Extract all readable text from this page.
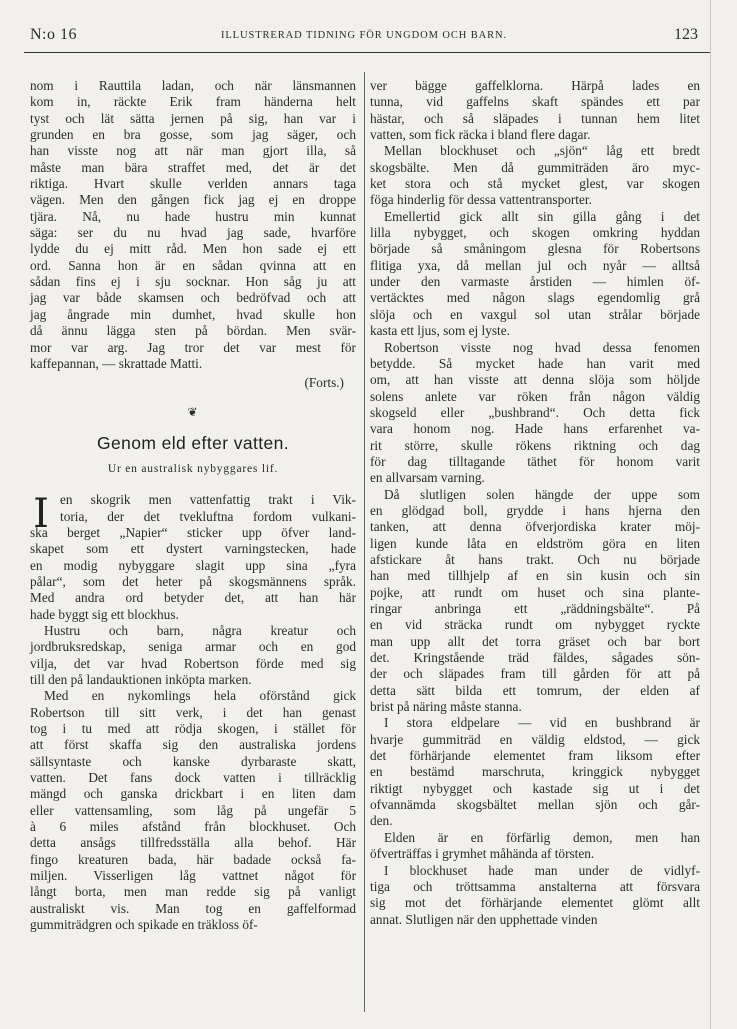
N:o 16	ILLUSTRERAD TIDNING FÖR UNGDOM OCH BARN.	123
nom i Rauttila ladan, och när länsmannen
kom in, räckte Erik fram händerna helt
tyst och lät sätta jernen på sig, han var i
grunden en bra gosse, som jag säger, och
han visste nog att när man gjort illa, så
måste man bära straffet med, det är det
riktiga. Hvart skulle verlden annars taga
vägen. Men den gången fick jag ej en droppe
tjära. Nå, nu hade hustru min kunnat
säga: ser du nu hvad jag sade, hvarföre
lydde du ej mitt råd. Men hon sade ej ett
ord. Sanna hon är en sådan qvinna att en
sådan fins ej i sju socknar. Hon såg ju att
jag var både skamsen och bedröfvad och att
jag ångrade min dumhet, hvad skulle hon
då ännu lägga sten på bördan. Men svär-
mor var arg. Jag tror det var mest för
kaffepannan, — skrattade Matti.
(Forts.)
❦
Genom eld efter vatten.
Ur en australisk nybyggares lif.
I en skogrik men vattenfattig trakt i Vik-
toria, der det tvekluftna fordom vulkani-
ska berget „Napier“ sticker upp öfver land-
skapet som ett dystert varningstecken, hade
en modig nybyggare slagit upp sina „fyra
pålar“, som det heter på skogsmännens språk.
Med andra ord betyder det, att han här
hade byggt sig ett blockhus.
Hustru och barn, några kreatur och
jordbruksredskap, seniga armar och en god
vilja, det var hvad Robertson förde med sig
till den på landauktionen inköpta marken.
Med en nykomlings hela oförstånd gick
Robertson till sitt verk, i det han genast
tog i tu med att rödja skogen, i stället för
att först skaffa sig den australiska jordens
sällsyntaste och kanske dyrbaraste skatt,
vatten. Det fans dock vatten i tillräcklig
mängd och ganska drickbart i en liten dam
eller vattensamling, som låg på ungefär 5
à 6 miles afstånd från blockhuset. Och
detta ansågs tillfredsställa alla behof. Här
fingo kreaturen bada, här badade också fa-
miljen. Visserligen låg vattnet något för
långt borta, men man redde sig på vanligt
australiskt vis. Man tog en gaffelformad
gummiträdgren och spikade en träkloss öf-
ver bägge gaffelklorna. Härpå lades en
tunna, vid gaffelns skaft spändes ett par
hästar, och så släpades i tunnan hem litet
vatten, som fick räcka i bland flere dagar.
Mellan blockhuset och „sjön“ låg ett bredt
skogsbälte. Men då gummiträden äro myc-
ket stora och stå mycket glest, var skogen
föga hinderlig för dessa vattentransporter.
Emellertid gick allt sin gilla gång i det
lilla nybygget, och skogen omkring hyddan
började så småningom glesna för Robertsons
flitiga yxa, då mellan jul och nyår — alltså
under den varmaste årstiden — himlen öf-
vertäcktes med någon slags egendomlig grå
slöja och en vaxgul sol utan strålar började
kasta ett ljus, som ej lyste.
Robertson visste nog hvad dessa fenomen
betydde. Så mycket hade han varit med
om, att han visste att denna slöja som höljde
solens anlete var röken från någon väldig
skogseld eller „bushbrand“. Och detta fick
vara honom nog. Hade hans erfarenhet va-
rit större, skulle rökens riktning och dag
för dag tilltagande täthet för honom varit
en allvarsam varning.
Då slutligen solen hängde der uppe som
en glödgad boll, grydde i hans hjerna den
tanken, att denna öfverjordiska krater möj-
ligen kunde låta en eldström göra en liten
afstickare åt hans trakt. Och nu började
han med tillhjelp af en sin kusin och sin
pojke, att rundt om huset och sina plante-
ringar anbringa ett „räddningsbälte“. På
en vid sträcka rundt om nybygget ryckte
man upp allt det torra gräset och bar bort
det. Kringstående träd fäldes, sågades sön-
der och släpades fram till gården för att på
detta sätt bilda ett tomrum, der elden af
brist på näring måste stanna.
I stora eldpelare — vid en bushbrand är
hvarje gummiträd en väldig eldstod, — gick
det förhärjande elementet fram liksom efter
en bestämd marschruta, kringgick nybygget
riktigt nybygget och kastade sig ut i det
ofvannämda skogsbältet mellan sjön och går-
den.
Elden är en förfärlig demon, men han
öfverträffas i grymhet måhända af törsten.
I blockhuset hade man under de vidlyf-
tiga och tröttsamma anstalterna att försvara
sig mot det förhärjande elementet glömt allt
annat. Slutligen när den upphettade vinden
